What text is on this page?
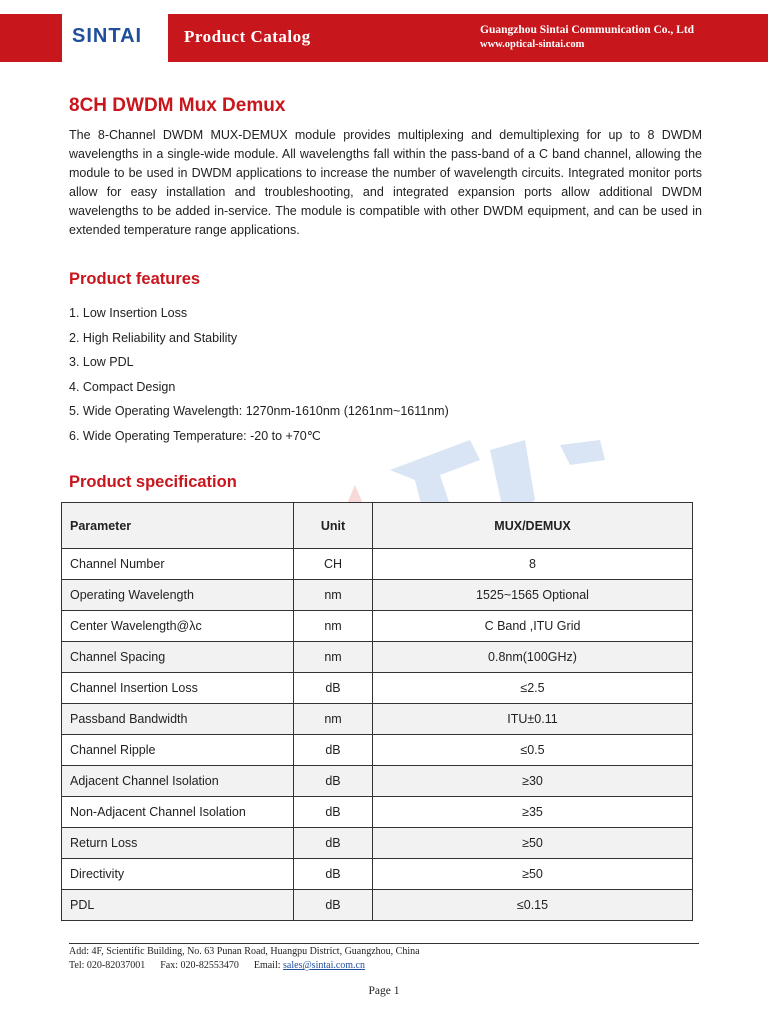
SINTAI Product Catalog	Guangzhou Sintai Communication Co., Ltd
www.optical-sintai.com
8CH DWDM Mux Demux

The 8-Channel DWDM MUX-DEMUX module provides multiplexing and demultiplexing for up to 8 DWDM wavelengths in a single-wide module. All wavelengths fall within the pass-band of a C band channel, allowing the module to be used in DWDM applications to increase the number of wavelength circuits. Integrated monitor ports allow for easy installation and troubleshooting, and integrated expansion ports allow additional DWDM wavelengths to be added in-service. The module is compatible with other DWDM equipment, and can be used in extended temperature range applications.

Product features
1. Low Insertion Loss
2. High Reliability and Stability
3. Low PDL
4. Compact Design
5. Wide Operating Wavelength: 1270nm-1610nm (1261nm~1611nm)
6. Wide Operating Temperature: -20 to +70℃
Product specification
Parameter	Unit	MUX/DEMUX
Channel Number	CH	8
Operating Wavelength	nm	1525~1565 Optional
Center Wavelength@λc	nm	C Band ,ITU Grid
Channel Spacing	nm	0.8nm(100GHz)
Channel Insertion Loss	dB	≤2.5
Passband Bandwidth	nm	ITU±0.11
Channel Ripple	dB	≤0.5
Adjacent Channel Isolation	dB	≥30
Non-Adjacent Channel Isolation	dB	≥35
Return Loss	dB	≥50
Directivity	dB	≥50
PDL	dB	≤0.15
Add: 4F, Scientific Building, No. 63 Punan Road, Huangpu District, Guangzhou, China
Tel: 020-82037001 Fax: 020-82553470 Email: sales@sintai.com.cn
Page 1
